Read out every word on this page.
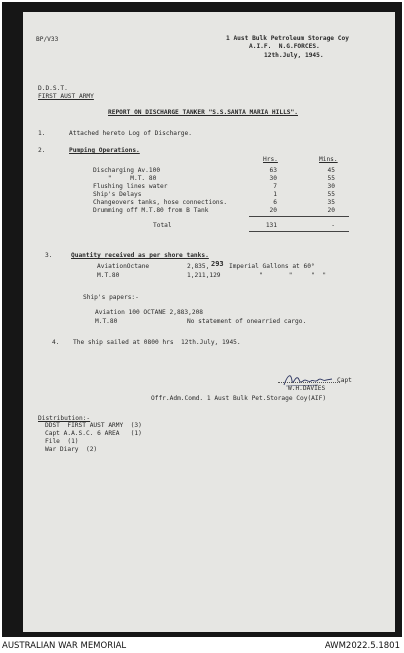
BP/V33	1 Aust Bulk Petroleum Storage Coy
A.I.F.  N.G.FORCES.
12th.July, 1945.
D.D.S.T.
FIRST AUST ARMY
REPORT ON DISCHARGE TANKER "S.S.SANTA MARIA HILLS".
1.	Attached hereto Log of Discharge.
2.	Pumping Operations.
Hrs.	Mins.
Discharging Av.100	63	45
"     M.T. 80	30	55
Flushing lines water	7	30
Ship's Delays	1	55
Changeovers tanks, hose connections.	6	35
Drumming off M.T.80 from B Tank	20	20
Total	131	-
3.	Quantity received as per shore tanks.
AviationOctane	2,835, 293 Imperial Gallons at 60°
M.T.80	1,211,129	"       "     "  "
Ship's papers:-
Aviation 100 OCTANE 2,883,208
M.T.80	No statement of onearried cargo.
4. The ship sailed at 0800 hrs  12th.July, 1945.
Capt
W.H.DAVIES
Offr.Adm.Comd. 1 Aust Bulk Pet.Storage Coy(AIF)
Distribution:-
DDST  FIRST AUST ARMY  (3)
Capt A.A.S.C. 6 AREA   (1)
File  (1)
War Diary  (2)
AUSTRALIAN WAR MEMORIAL	AWM2022.5.1801
